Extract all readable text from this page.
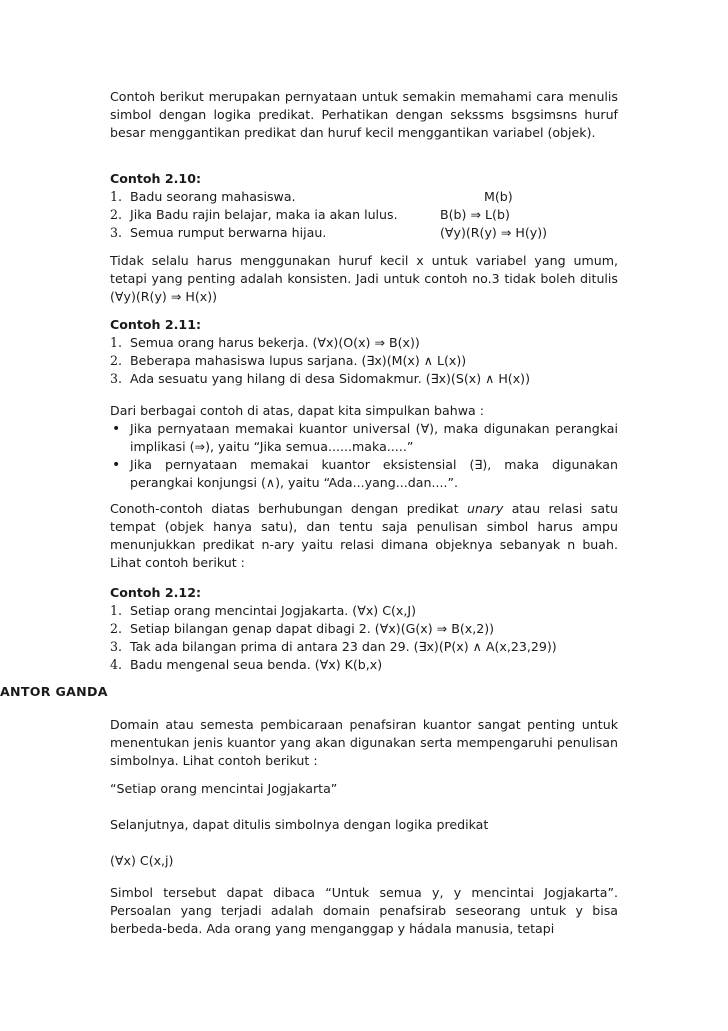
Contoh berikut merupakan pernyataan untuk semakin memahami cara menulis simbol dengan logika predikat. Perhatikan dengan sekssms bsgsimsns huruf besar menggantikan predikat dan huruf kecil menggantikan variabel (objek).

Contoh 2.10:

1. Badu seorang mahasiswa.	M(b)
2. Jika Badu rajin belajar, maka ia akan lulus.	B(b) ⇒ L(b)
3. Semua rumput berwarna hijau.	(∀y)(R(y) ⇒ H(y))

Tidak selalu harus menggunakan huruf kecil x untuk variabel yang umum, tetapi yang penting adalah konsisten. Jadi untuk contoh no.3 tidak boleh ditulis (∀y)(R(y) ⇒ H(x))

Contoh 2.11:

1. Semua orang harus bekerja. (∀x)(O(x) ⇒ B(x))
2. Beberapa mahasiswa lupus sarjana. (∃x)(M(x) ∧ L(x))
3. Ada sesuatu yang hilang di desa Sidomakmur. (∃x)(S(x) ∧ H(x))

Dari berbagai contoh di atas, dapat kita simpulkan bahwa :

• Jika pernyataan memakai kuantor universal (∀), maka digunakan perangkai implikasi (⇒), yaitu “Jika semua......maka.....”
• Jika pernyataan memakai kuantor eksistensial (∃), maka digunakan perangkai konjungsi (∧), yaitu “Ada...yang...dan....”.

Conoth-contoh diatas berhubungan dengan predikat unary atau relasi satu tempat (objek hanya satu), dan tentu saja penulisan simbol harus ampu menunjukkan predikat n-ary yaitu relasi dimana objeknya sebanyak n buah. Lihat contoh berikut :

Contoh 2.12:

1. Setiap orang mencintai Jogjakarta. (∀x) C(x,J)
2. Setiap bilangan genap dapat dibagi 2. (∀x)(G(x) ⇒ B(x,2))
3. Tak ada bilangan prima di antara 23 dan 29. (∃x)(P(x) ∧ A(x,23,29))
4. Badu mengenal seua benda. (∀x) K(b,x)
ANTOR GANDA

Domain atau semesta pembicaraan penafsiran kuantor sangat penting untuk menentukan jenis kuantor yang akan digunakan serta mempengaruhi penulisan simbolnya. Lihat contoh berikut :

“Setiap orang mencintai Jogjakarta”

Selanjutnya, dapat ditulis simbolnya dengan logika predikat

(∀x) C(x,j)

Simbol tersebut dapat dibaca “Untuk semua y, y mencintai Jogjakarta”. Persoalan yang terjadi adalah domain penafsirab seseorang untuk y bisa berbeda-beda. Ada orang yang menganggap y hádala manusia, tetapi
